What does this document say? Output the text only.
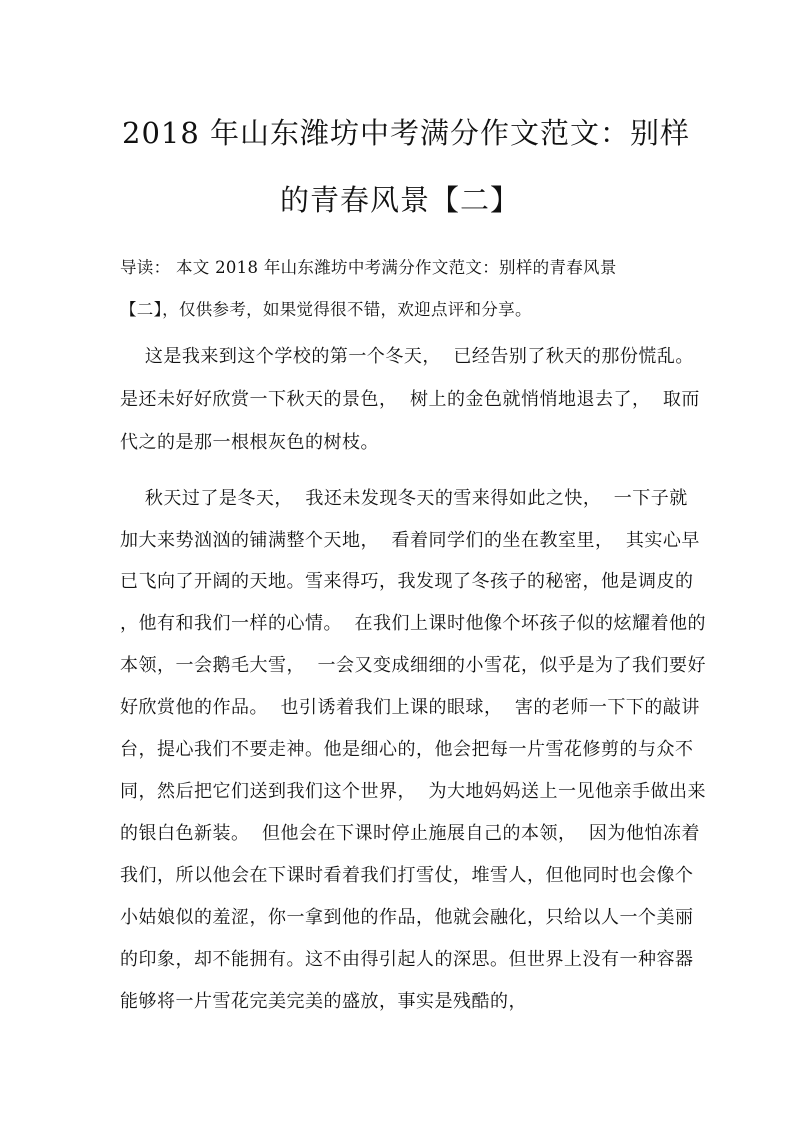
2018 年山东潍坊中考满分作文范文：别样
的青春风景【二】
导读： 本文 2018 年山东潍坊中考满分作文范文：别样的青春风景
【二】，仅供参考，如果觉得很不错，欢迎点评和分享。
这是我来到这个学校的第一个冬天，  已经告别了秋天的那份慌乱。
是还未好好欣赏一下秋天的景色，  树上的金色就悄悄地退去了，  取而
代之的是那一根根灰色的树枝。
秋天过了是冬天，  我还未发现冬天的雪来得如此之快，  一下子就
加大来势汹汹的铺满整个天地，  看着同学们的坐在教室里，  其实心早
已飞向了开阔的天地。雪来得巧，我发现了冬孩子的秘密，他是调皮的
，他有和我们一样的心情。  在我们上课时他像个坏孩子似的炫耀着他的
本领，一会鹅毛大雪，  一会又变成细细的小雪花，似乎是为了我们要好
好欣赏他的作品。  也引诱着我们上课的眼球，  害的老师一下下的敲讲
台，提心我们不要走神。他是细心的，他会把每一片雪花修剪的与众不
同，然后把它们送到我们这个世界，  为大地妈妈送上一见他亲手做出来
的银白色新装。  但他会在下课时停止施展自己的本领，  因为他怕冻着
我们，所以他会在下课时看着我们打雪仗，堆雪人，但他同时也会像个
小姑娘似的羞涩，你一拿到他的作品，他就会融化，只给以人一个美丽
的印象，却不能拥有。这不由得引起人的深思。但世界上没有一种容器
能够将一片雪花完美完美的盛放，事实是残酷的，
